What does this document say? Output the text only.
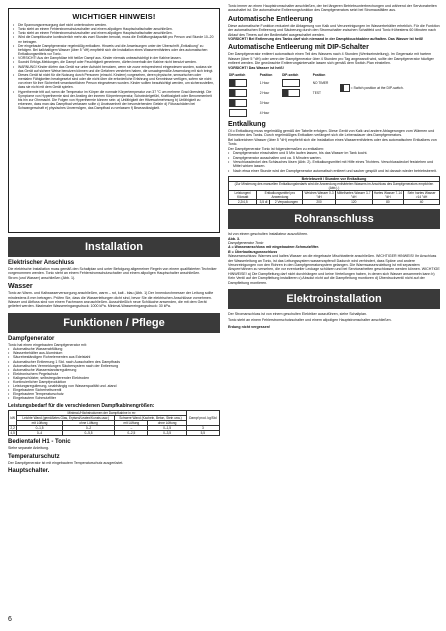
WICHTIGER HINWEIS!
• Die Spannungsversorgung darf nicht unterbrochen werden.
• Tonic steht an einem Fehlerstromschutzschalter und einem allpoligen Hauptschaltschalter anschließen.
• Tonic steht an einem Fehlerstromschutzschalter und einem allpoligen Hauptschaltschalter anschließen.
• Wird die Dampfdusche kontinuierlich mehr als zwei Stunden benutzt, muss die Entlüftungskapazität pro Person und Stunde 10–20 m³ betragen.
• Der eingebaute Dampfgenerator regelmäßig entkalken. Hinweis und die Anweisungen unter der Überschrift „Entkalkung" zu befolgen. Bei kalkhaltigem Wasser (über 5 °dH) empfiehlt sich die Installation eines Wasserenthärters oder des automatischen Entkalkungsmittels vor Tonic.
• VORSICHT! Aus der Dampfdüse tritt heißer Dampf aus. Kinder niemals unbeaufsichtigt in der Kabine lassen.
• Sowohl Erfolgs-Meldungen, die Dampf oder Feuchtigkeit generieren, dürfen innerhalb der Kabine nicht benutzt werden.
• WARNUNG! Kinder dürfen das Gerät nur unter Aufsicht benutzen, wenn sie zuvor entsprechend eingewiesen wurden, sodass sie das Gerät auf sichere Weise benutzen können und die Gefahren verstehen haben, die unsachgemäße Anwendung mit sich bringt.
• Dieses Gerät ist nicht für die Nutzung durch Personen (einschl. Kindern) vorgesehen, deren physische, sensorischen oder mentalen Fähigkeiten herabgesetzt sind oder die nicht über die erforderliche Erfahrung und Kenntnisse verfügen, sofern sie nicht von einer für ihre Sicherheit verantwortlichen Person eingewiesen wurden. Kinder sollten beaufsichtigt werden, um sicherzustellen, dass sie nicht mit dem Gerät spielen.
• Hyperthermie tritt auf, wenn die Temperatur im Körper die normale Körpertemperatur von 37 °C um mehrere Grad übersteigt. Die Symptome von Hyperthermie sind der Anstieg der inneren Körpertemperatur, Schwindelgefühl, Kraftlosigkeit oder Benommenheit bis hin zur Ohnmacht. Die Folgen von Hyperthermie können sein: a) Unfähigkeit der Hitzewahrnehmung b) Unfähigkeit zu erkennen, dass man das Dampfbad verlassen sollte c) Unwissenheit der bevorstehenden Gefahr d) Fötusschäden bei Schwangerschaft e) physisches Unvermögen, das Dampfbad zu verlassen f) Bewusstlosigkeit.
Installation
Elektrischer Anschluss
Die elektrische Installation muss gemäß den Schaltplan und unter Befolgung allgemeiner Regeln von einem qualifizierten Techniker vorgenommen werden. Tonic steht an einem Fehlerstromschutzschalter und einem allpoligen Hauptschalter anschließen.
Strom (und Wasser) anschließen (Abb. 1).
Wasser
Tonic an Warm- und Kaltwasserversorgung anschließen, warm – rot, kalt - blau (Abb. 1) Der Innendurchmesser der Leitung sollte mindestens 8 mm betragen. Prüfen Sie, dass die Wasserleitungen dicht sind, bevor Sie die elektrischen Anschlüsse vornehmen. Wasser und Abfluss sind von einem Fachmann anzuschließen. Ausschließlich neue Schläuche anwenden, die mit dem Gerät geliefert werden. Maximaler Wassereingangsdruck: 1000 kPa. Minimal-Wassereingangsdruck: 30 kPa.
Funktionen / Pflege
Dampfgenerator
Tonic hat einen eingebauten Dampfgenerator mit:
• Automatische Wasserabfüllung
• Wasserbehälter aus Aluminium
• Säurebeständigen Rohrelementen aus Edelstahl
• Automatischer Entleerung 1 Std. nach Ausschalten des Dampfbads
• Automatisches Vermeidungen Säubersystem nach der Entleerung
• Automatische Wasserstandsregulierung
• Elektronischem Pegelschutz
• Kalkgeschützter, selbstregulierender Elektroden
• Kontinuierlicher Dampfproduktion
• Leistungsregulierung, unabhängig von Wasserqualität und -stand
• Eingebautem Sicherheitsventil
• Eingebautem Temperaturschutz
• Eingebautem Schmutzfilter
Leistungsbedarf für die verschiedenen Dampfkabinengrößen:
kW	Minimal-/Höchstvolumen der Dampfkabine in m³				Dampf prod. kg/Std
	Leichte Wand (gemäßetes Glas, Erytsed/Leatex/Kunsts.usw.)		Schwere Wand (Kacheln, Beton, Stein usw.)		
	mit Lüftung	ohne Lüftung	mit Lüftung	ohne Lüftung	
2,2	0–1,5	0–2	–	0–1,5	3
4,5	0–4	0–5,5	0–2,5	0–3,5	5,5
Bedientafel H1 - Tonic
Siehe separate Anleitung.
Temperaturschutz
Der Dampfgenerator ist mit eingebautem Temperaturschutz ausgerüstet.
Hauptschalter.
6
Tonic immer an einen Hauptstromschalter anschließen, der bei längeren Betriebsunterbrechungen und während der Serviceabeiten ausschaltet ist. Die automatische Entleerungsfunktion des Dampfgenerators setzt bei Stromausfällen aus.
Automatische Entleerung
Diese automatische Funktion reduziert die Ablagerung von Kalk und Verunreinigungen im Wasserbehälter erheblich. Für die Funktion der automatischen Entleerung und Säuberung durch den Stromschalter zwischen Schaltfeld und Tonic frühestens 60 Minuten nach Ablauf des Timers auf der Bedientafel ausgeschaltet werden.
VORSICHT! Bei Entleerung des Tanks darf sich niemand in der Dampfdouchkabine aufhalten. Das Wasser ist heiß!
Automatische Entleerung mit DIP-Schalter
Der Dampfgenerator entleert automatisch einen Teil des Wassers nach 4 Stunden (Werkseinstellung). Im Gegensatz mit hartem Wasser (über 5 °dH) oder wenn der Dampfgenerator über 4 Stunden pro Tag angewandt wird, sollte der Dampfgenerator häufiger entleert werden. Die gewünschte Entleerungsintervalle lassen sich gemäß dem Switch-Plan einstellen.
VORSICHT! Das Wasser ist heiß!
DIP-switch	Position	DIP-switch	Position	
	1 Hour		NO TIMER	= Switch position at the DIP-switch.
	2 Hour		TEST	
	3 Hour			
	4 Hour			
Entkalkung
Ol o Entkalkung muss regelmäßig gemäß der Tabelle erfolgen. Diese Gerät von Kalk und andere Ablagerungen vom Wärmen und Elementen des Tanks. Durch regelmäßiges Entkalken verlängert sich die Lebensdauer des Dampfgenerators.
Bei kalkreichem Wasser (über 5 °dH) empfiehlt sich die Installation eines Wasserenthärters oder des automatischen Entkalkers von Tonic.
Der Dampfgenerator Tonic ist folgendermaßen zu entkalken:
• Dampfgenerator einschalten und 5 Min laufen lassen, bis das Wasser im Tank kocht.
• Dampfgenerator ausschalten und ca. 5 Minuten warten.
• Verschlussdeckel des Schlauches lösen (Abb. 2). Entkalkungsmittel mit Hilfe eines Trichters. Verschlussdeckel festziehen und Mittel wirken lassen.
• Nach etwa einer Stunde wird der Dampfgenerator automatisch entleert und sauber gespült und ist danach wieder betriebsbereit.
Betriebszeit / Stunden vor Entkalkung						
(Zur Minderung des manuellen Entkalkungsbedarfs wird die Anwendung enthärteten Wassers im Anschluss des Dampfgenerators empfohlen (Abb.).)						
Leistungen/ Kilowatt	Entkalkungsmittel pro Anwendung		Weiches Wasser 0-3 °dH	Mittelhartes Wasser 3-7 °dH	Hartes Wasser 7-14 °dH	Sehr hartes Wasser >14 °dH
2,2/4,5	3,5 dl	2 Verpackungen	200	120	80	40
Rohranschluss
Ist von einem geschulten Installateur auszuführen.
Abb. 3.
Dampfgenerator Tonic
A = Wasseranschluss mit eingebautem Schmutzfilter.
B = Überlaufausgussschluss
Wasseranschluss: Warmes und kaltes Wasser an die eingebaute Mischbatterie anschließen. WICHTIGER HINWEIS! Ihr Anschluss der Wasserleitung an Tonic, ist das Leitungssystem wasserzapfend! Dadurch wird verhindert, dass Späne und andere Verunreinigungen von den Rohren in den Dampfgeneratorsystem gelangen. Die Warmwasserzuleitung ist mit separatem Absperrhähnen zu versehen, die vor eventueller Leckage schützen und bei Servicearbeiten geschlossen werden können. WICHTIGE HINWEISE! a) Die Dampfleitung darf nicht durchhängen und keine Verteilungen haben, in denen sich Wasser ansammeln kann b) Kein Ventil auf der Dampfleitung installieren c) Absolut nicht auf die Dampfleitung monitoren d) Überdruckventil nicht auf der Dampfleitung montieren.
Elektroinstallation
Der Stromanschluss ist von einem geschulten Elektriker auszuführen, siehe Schaltplan.
Tonic steht an einem Fehlerstromschutzschalter und einem allpoligen Hauptstromschalter anschließen.
Erdung nicht vergessen!
